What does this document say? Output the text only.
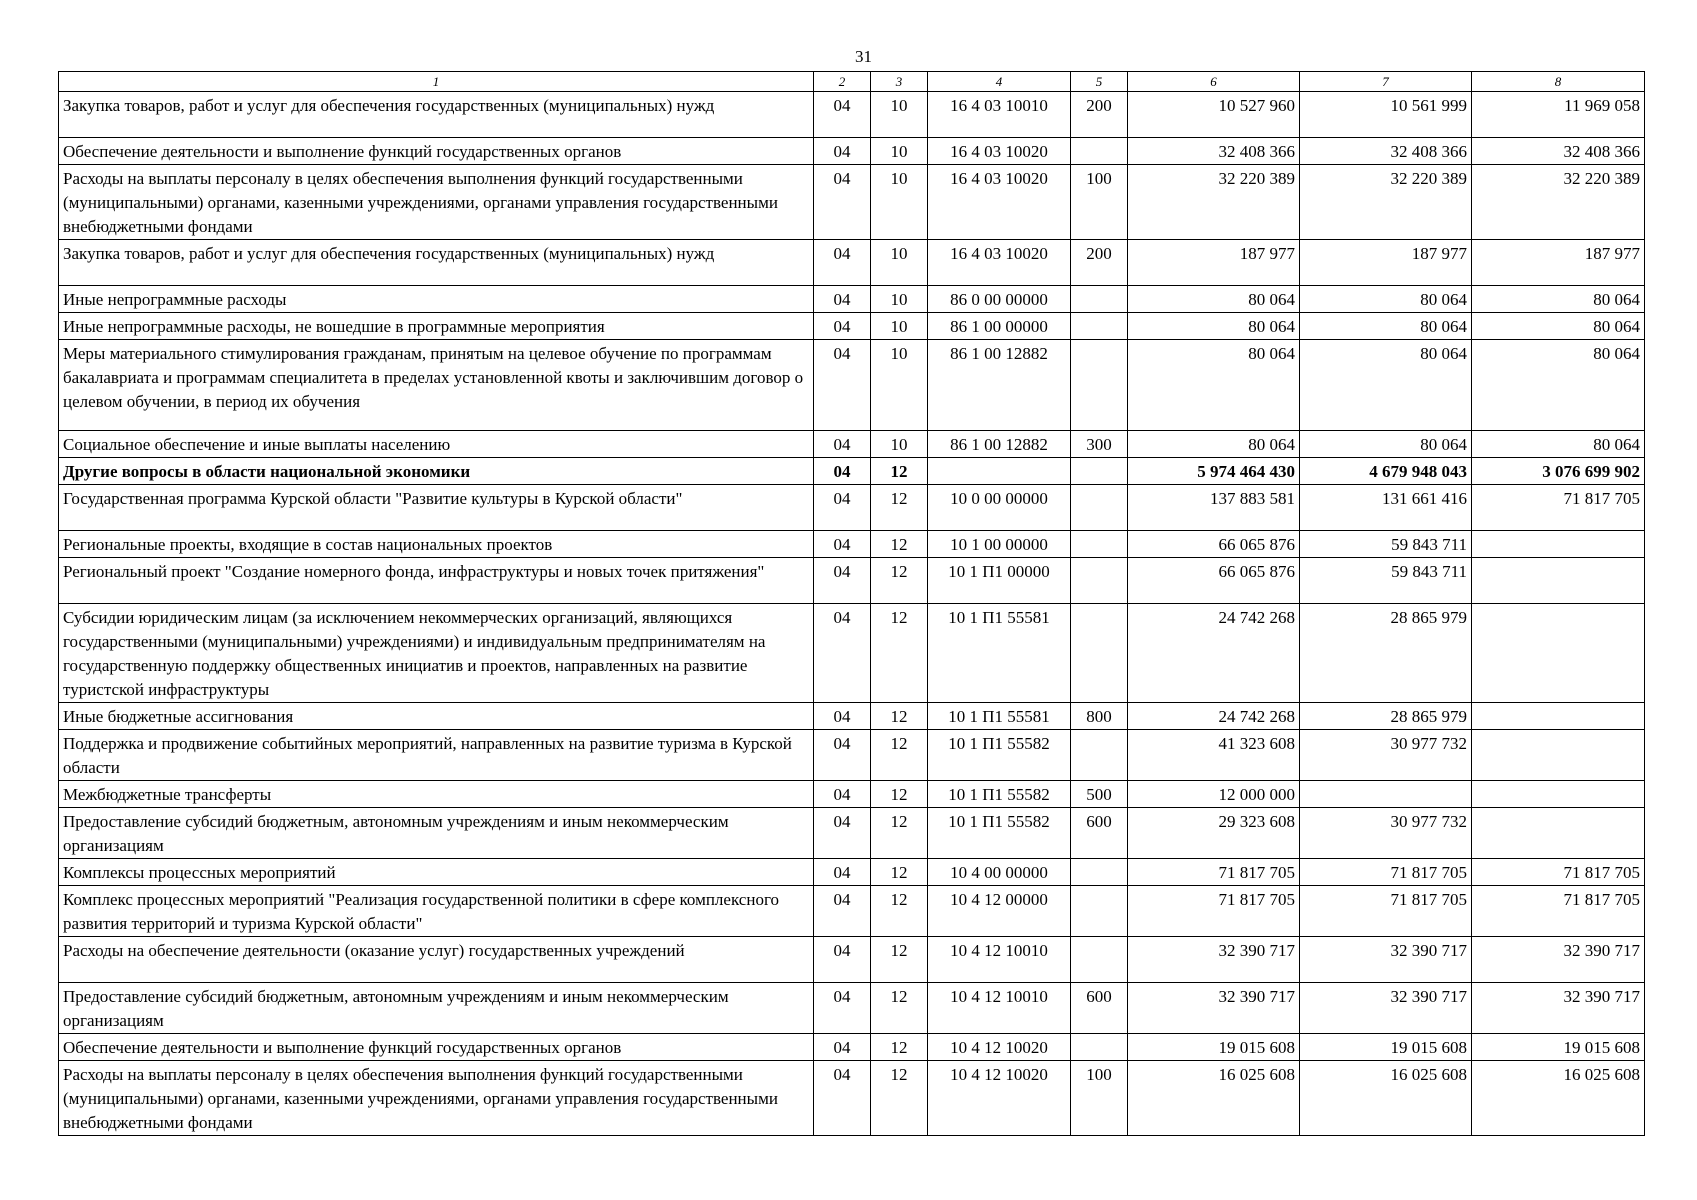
31
1	2	3	4	5	6	7	8
Закупка товаров, работ и услуг для обеспечения государственных (муниципальных) нужд	04	10	16 4 03 10010	200	10 527 960	10 561 999	11 969 058
Обеспечение деятельности и выполнение функций государственных органов	04	10	16 4 03 10020		32 408 366	32 408 366	32 408 366
Расходы на выплаты персоналу в целях обеспечения выполнения функций государственными (муниципальными) органами, казенными учреждениями, органами управления государственными внебюджетными фондами	04	10	16 4 03 10020	100	32 220 389	32 220 389	32 220 389
Закупка товаров, работ и услуг для обеспечения государственных (муниципальных) нужд	04	10	16 4 03 10020	200	187 977	187 977	187 977
Иные непрограммные расходы	04	10	86 0 00 00000		80 064	80 064	80 064
Иные непрограммные расходы, не вошедшие в программные мероприятия	04	10	86 1 00 00000		80 064	80 064	80 064
Меры материального стимулирования гражданам, принятым на целевое обучение по программам бакалавриата и программам специалитета в пределах установленной квоты и заключившим договор о целевом обучении, в период их обучения	04	10	86 1 00 12882		80 064	80 064	80 064
Социальное обеспечение и иные выплаты населению	04	10	86 1 00 12882	300	80 064	80 064	80 064
Другие вопросы в области национальной экономики	04	12			5 974 464 430	4 679 948 043	3 076 699 902
Государственная программа Курской области "Развитие культуры в Курской области"	04	12	10 0 00 00000		137 883 581	131 661 416	71 817 705
Региональные проекты, входящие в состав национальных проектов	04	12	10 1 00 00000		66 065 876	59 843 711	
Региональный проект "Создание номерного фонда, инфраструктуры и новых точек притяжения"	04	12	10 1 П1 00000		66 065 876	59 843 711	
Субсидии юридическим лицам (за исключением некоммерческих организаций, являющихся государственными (муниципальными) учреждениями) и индивидуальным предпринимателям на государственную поддержку общественных инициатив и проектов, направленных на развитие туристской инфраструктуры	04	12	10 1 П1 55581		24 742 268	28 865 979	
Иные бюджетные ассигнования	04	12	10 1 П1 55581	800	24 742 268	28 865 979	
Поддержка и продвижение событийных мероприятий, направленных на развитие туризма в Курской области	04	12	10 1 П1 55582		41 323 608	30 977 732	
Межбюджетные трансферты	04	12	10 1 П1 55582	500	12 000 000		
Предоставление субсидий бюджетным, автономным учреждениям и иным некоммерческим организациям	04	12	10 1 П1 55582	600	29 323 608	30 977 732	
Комплексы процессных мероприятий	04	12	10 4 00 00000		71 817 705	71 817 705	71 817 705
Комплекс процессных мероприятий "Реализация государственной политики в сфере комплексного развития территорий и туризма Курской области"	04	12	10 4 12 00000		71 817 705	71 817 705	71 817 705
Расходы на обеспечение деятельности (оказание услуг) государственных учреждений	04	12	10 4 12 10010		32 390 717	32 390 717	32 390 717
Предоставление субсидий бюджетным, автономным учреждениям и иным некоммерческим организациям	04	12	10 4 12 10010	600	32 390 717	32 390 717	32 390 717
Обеспечение деятельности и выполнение функций государственных органов	04	12	10 4 12 10020		19 015 608	19 015 608	19 015 608
Расходы на выплаты персоналу в целях обеспечения выполнения функций государственными (муниципальными) органами, казенными учреждениями, органами управления государственными внебюджетными фондами	04	12	10 4 12 10020	100	16 025 608	16 025 608	16 025 608
